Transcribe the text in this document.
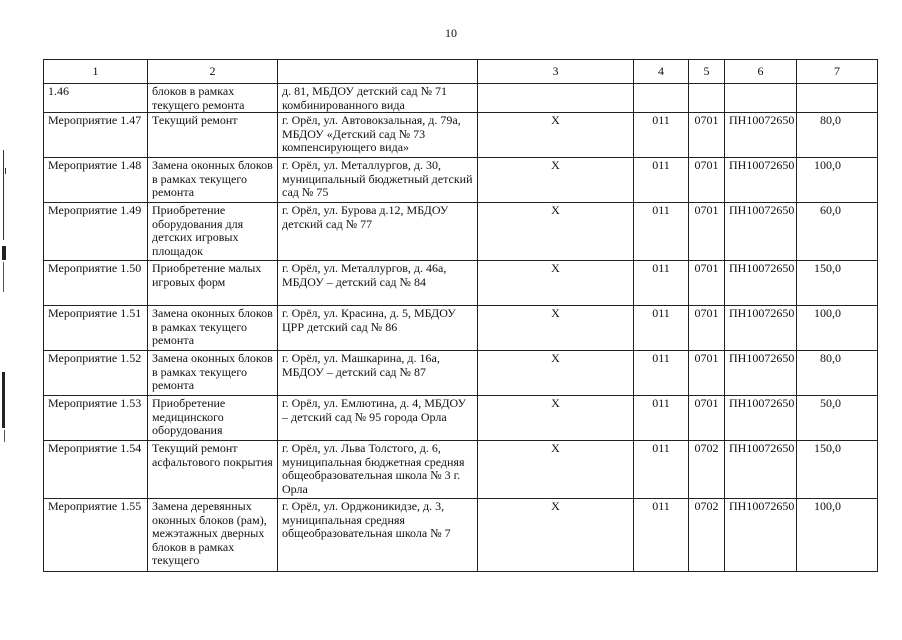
10
1	2		3	4	5	6	7
1.46	блоков в рамках текущего ремонта	д. 81, МБДОУ детский сад № 71 комбинированного вида					
Мероприятие 1.47	Текущий ремонт	г. Орёл, ул. Автовокзальная, д. 79а, МБДОУ «Детский сад № 73 компенсирующего вида»	X	011	0701	ПН10072650	80,0
Мероприятие 1.48	Замена оконных блоков в рамках текущего ремонта	г. Орёл, ул. Металлургов, д. 30, муниципальный бюджетный детский сад № 75	X	011	0701	ПН10072650	100,0
Мероприятие 1.49	Приобретение оборудования для детских игровых площадок	г. Орёл, ул. Бурова д.12, МБДОУ детский сад № 77	X	011	0701	ПН10072650	60,0
Мероприятие 1.50	Приобретение малых игровых форм	г. Орёл, ул. Металлургов, д. 46а, МБДОУ – детский сад № 84	X	011	0701	ПН10072650	150,0
Мероприятие 1.51	Замена оконных блоков в рамках текущего ремонта	г. Орёл, ул. Красина, д. 5, МБДОУ ЦРР детский сад № 86	X	011	0701	ПН10072650	100,0
Мероприятие 1.52	Замена оконных блоков в рамках текущего ремонта	г. Орёл, ул. Машкарина, д. 16а, МБДОУ – детский сад № 87	X	011	0701	ПН10072650	80,0
Мероприятие 1.53	Приобретение медицинского оборудования	г. Орёл, ул. Емлютина, д. 4, МБДОУ – детский сад № 95 города Орла	X	011	0701	ПН10072650	50,0
Мероприятие 1.54	Текущий ремонт асфальтового покрытия	г. Орёл, ул. Льва Толстого, д. 6, муниципальная бюджетная средняя общеобразовательная школа № 3 г. Орла	X	011	0702	ПН10072650	150,0
Мероприятие 1.55	Замена деревянных оконных блоков (рам), межэтажных дверных блоков в рамках текущего	г. Орёл, ул. Орджоникидзе, д. 3, муниципальная средняя общеобразовательная школа № 7	X	011	0702	ПН10072650	100,0
